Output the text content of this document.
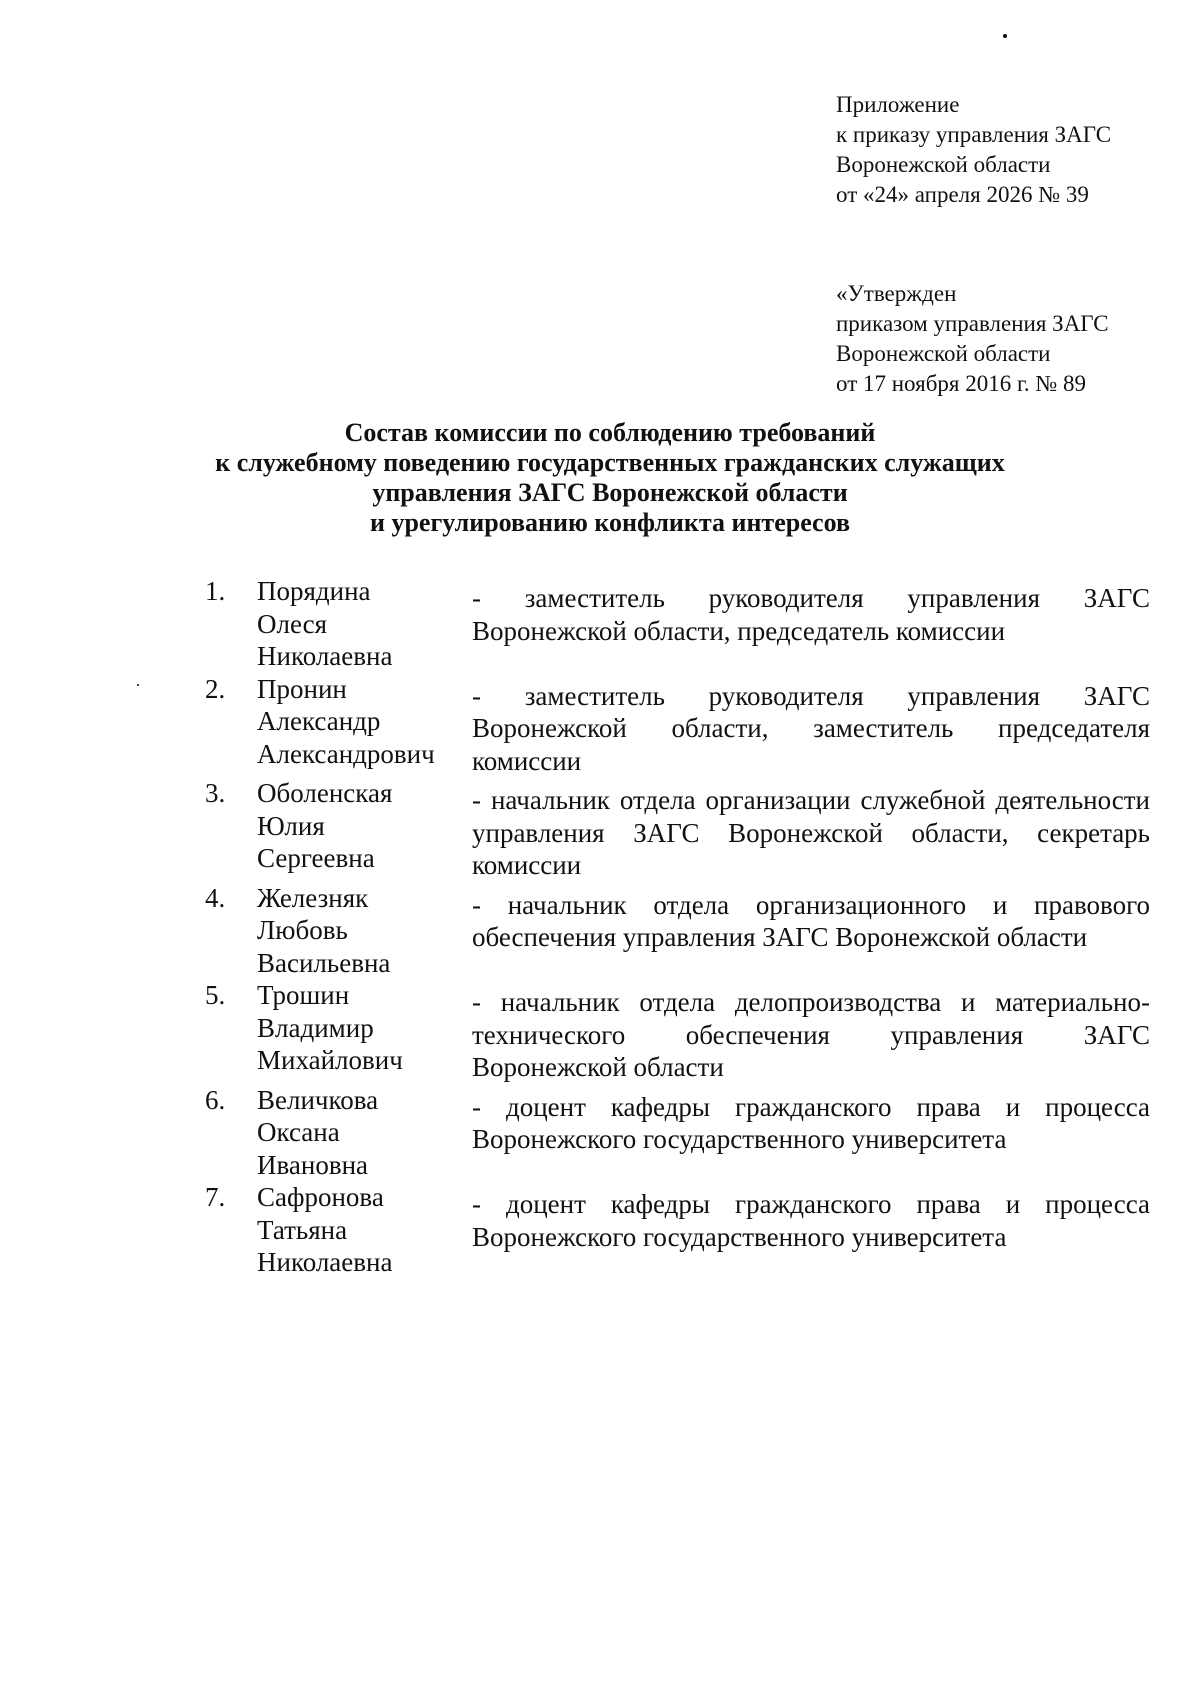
Приложение
к приказу управления ЗАГС
Воронежской области
от «24» апреля 2026 № 39
«Утвержден
приказом управления ЗАГС
Воронежской области
от 17 ноября 2016 г. № 89
Состав комиссии по соблюдению требований
к служебному поведению государственных гражданских служащих
управления ЗАГС Воронежской области
и урегулированию конфликта интересов
1.	Порядина
Олеся
Николаевна
- заместитель руководителя управления ЗАГС Воронежской области, председатель комиссии
2.	Пронин
Александр
Александрович
- заместитель руководителя управления ЗАГС Воронежской области, заместитель председателя комиссии
3.	Оболенская
Юлия
Сергеевна
- начальник отдела организации служебной деятельности управления ЗАГС Воронежской области, секретарь комиссии
4.	Железняк
Любовь
Васильевна
- начальник отдела организационного и правового обеспечения управления ЗАГС Воронежской области
5.	Трошин
Владимир
Михайлович
- начальник отдела делопроизводства и материально-технического обеспечения управления ЗАГС Воронежской области
6.	Величкова
Оксана
Ивановна
- доцент кафедры гражданского права и процесса Воронежского государственного университета
7.	Сафронова
Татьяна
Николаевна
- доцент кафедры гражданского права и процесса Воронежского государственного университета
